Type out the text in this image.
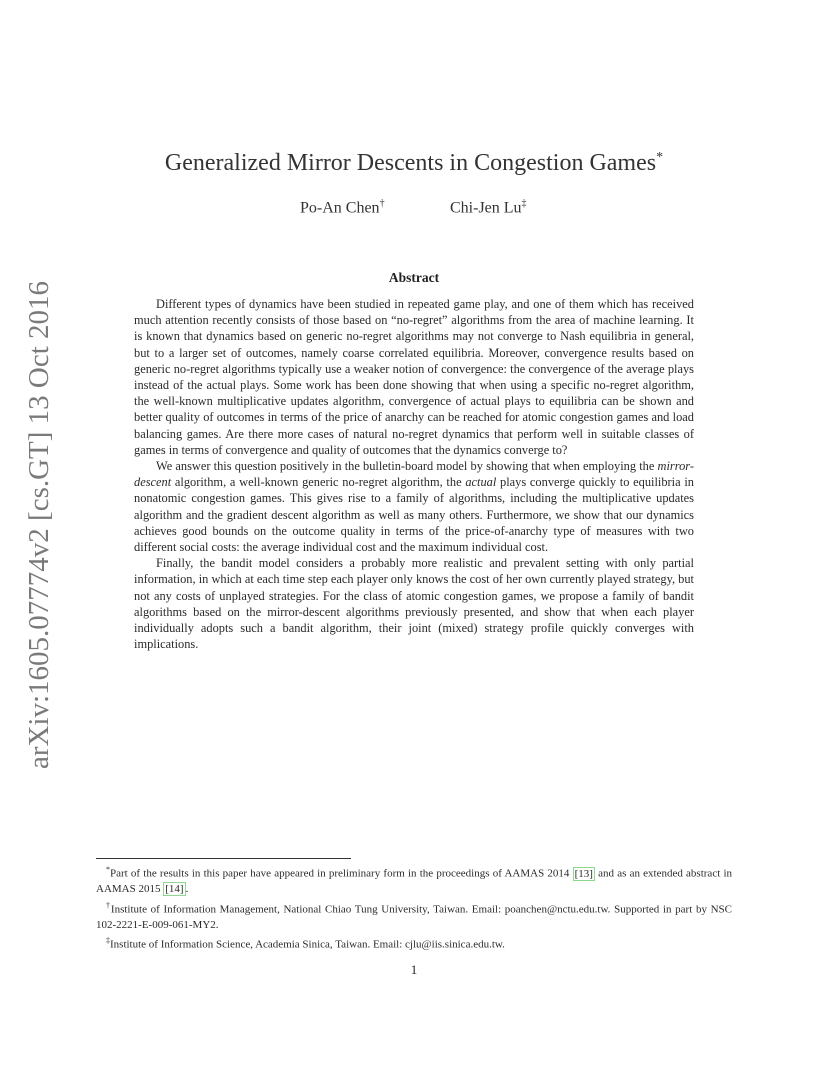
arXiv:1605.07774v2 [cs.GT] 13 Oct 2016
Generalized Mirror Descents in Congestion Games*
Po-An Chen†	Chi-Jen Lu‡
Abstract

Different types of dynamics have been studied in repeated game play, and one of them which has received much attention recently consists of those based on “no-regret” algorithms from the area of machine learning. It is known that dynamics based on generic no-regret algorithms may not converge to Nash equilibria in general, but to a larger set of outcomes, namely coarse correlated equilibria. Moreover, convergence results based on generic no-regret algorithms typically use a weaker notion of convergence: the convergence of the average plays instead of the actual plays. Some work has been done showing that when using a specific no-regret algorithm, the well-known multiplicative updates algorithm, convergence of actual plays to equilibria can be shown and better quality of outcomes in terms of the price of anarchy can be reached for atomic congestion games and load balancing games. Are there more cases of natural no-regret dynamics that perform well in suitable classes of games in terms of convergence and quality of outcomes that the dynamics converge to?

We answer this question positively in the bulletin-board model by showing that when employing the mirror-descent algorithm, a well-known generic no-regret algorithm, the actual plays converge quickly to equilibria in nonatomic congestion games. This gives rise to a family of algorithms, including the multiplicative updates algorithm and the gradient descent algorithm as well as many others. Furthermore, we show that our dynamics achieves good bounds on the outcome quality in terms of the price-of-anarchy type of measures with two different social costs: the average individual cost and the maximum individual cost.

Finally, the bandit model considers a probably more realistic and prevalent setting with only partial information, in which at each time step each player only knows the cost of her own currently played strategy, but not any costs of unplayed strategies. For the class of atomic congestion games, we propose a family of bandit algorithms based on the mirror-descent algorithms previously presented, and show that when each player individually adopts such a bandit algorithm, their joint (mixed) strategy profile quickly converges with implications.

*Part of the results in this paper have appeared in preliminary form in the proceedings of AAMAS 2014 [13] and as an extended abstract in AAMAS 2015 [14] .

†Institute of Information Management, National Chiao Tung University, Taiwan. Email: poanchen@nctu.edu.tw. Supported in part by NSC 102-2221-E-009-061-MY2.

‡Institute of Information Science, Academia Sinica, Taiwan. Email: cjlu@iis.sinica.edu.tw.

1
